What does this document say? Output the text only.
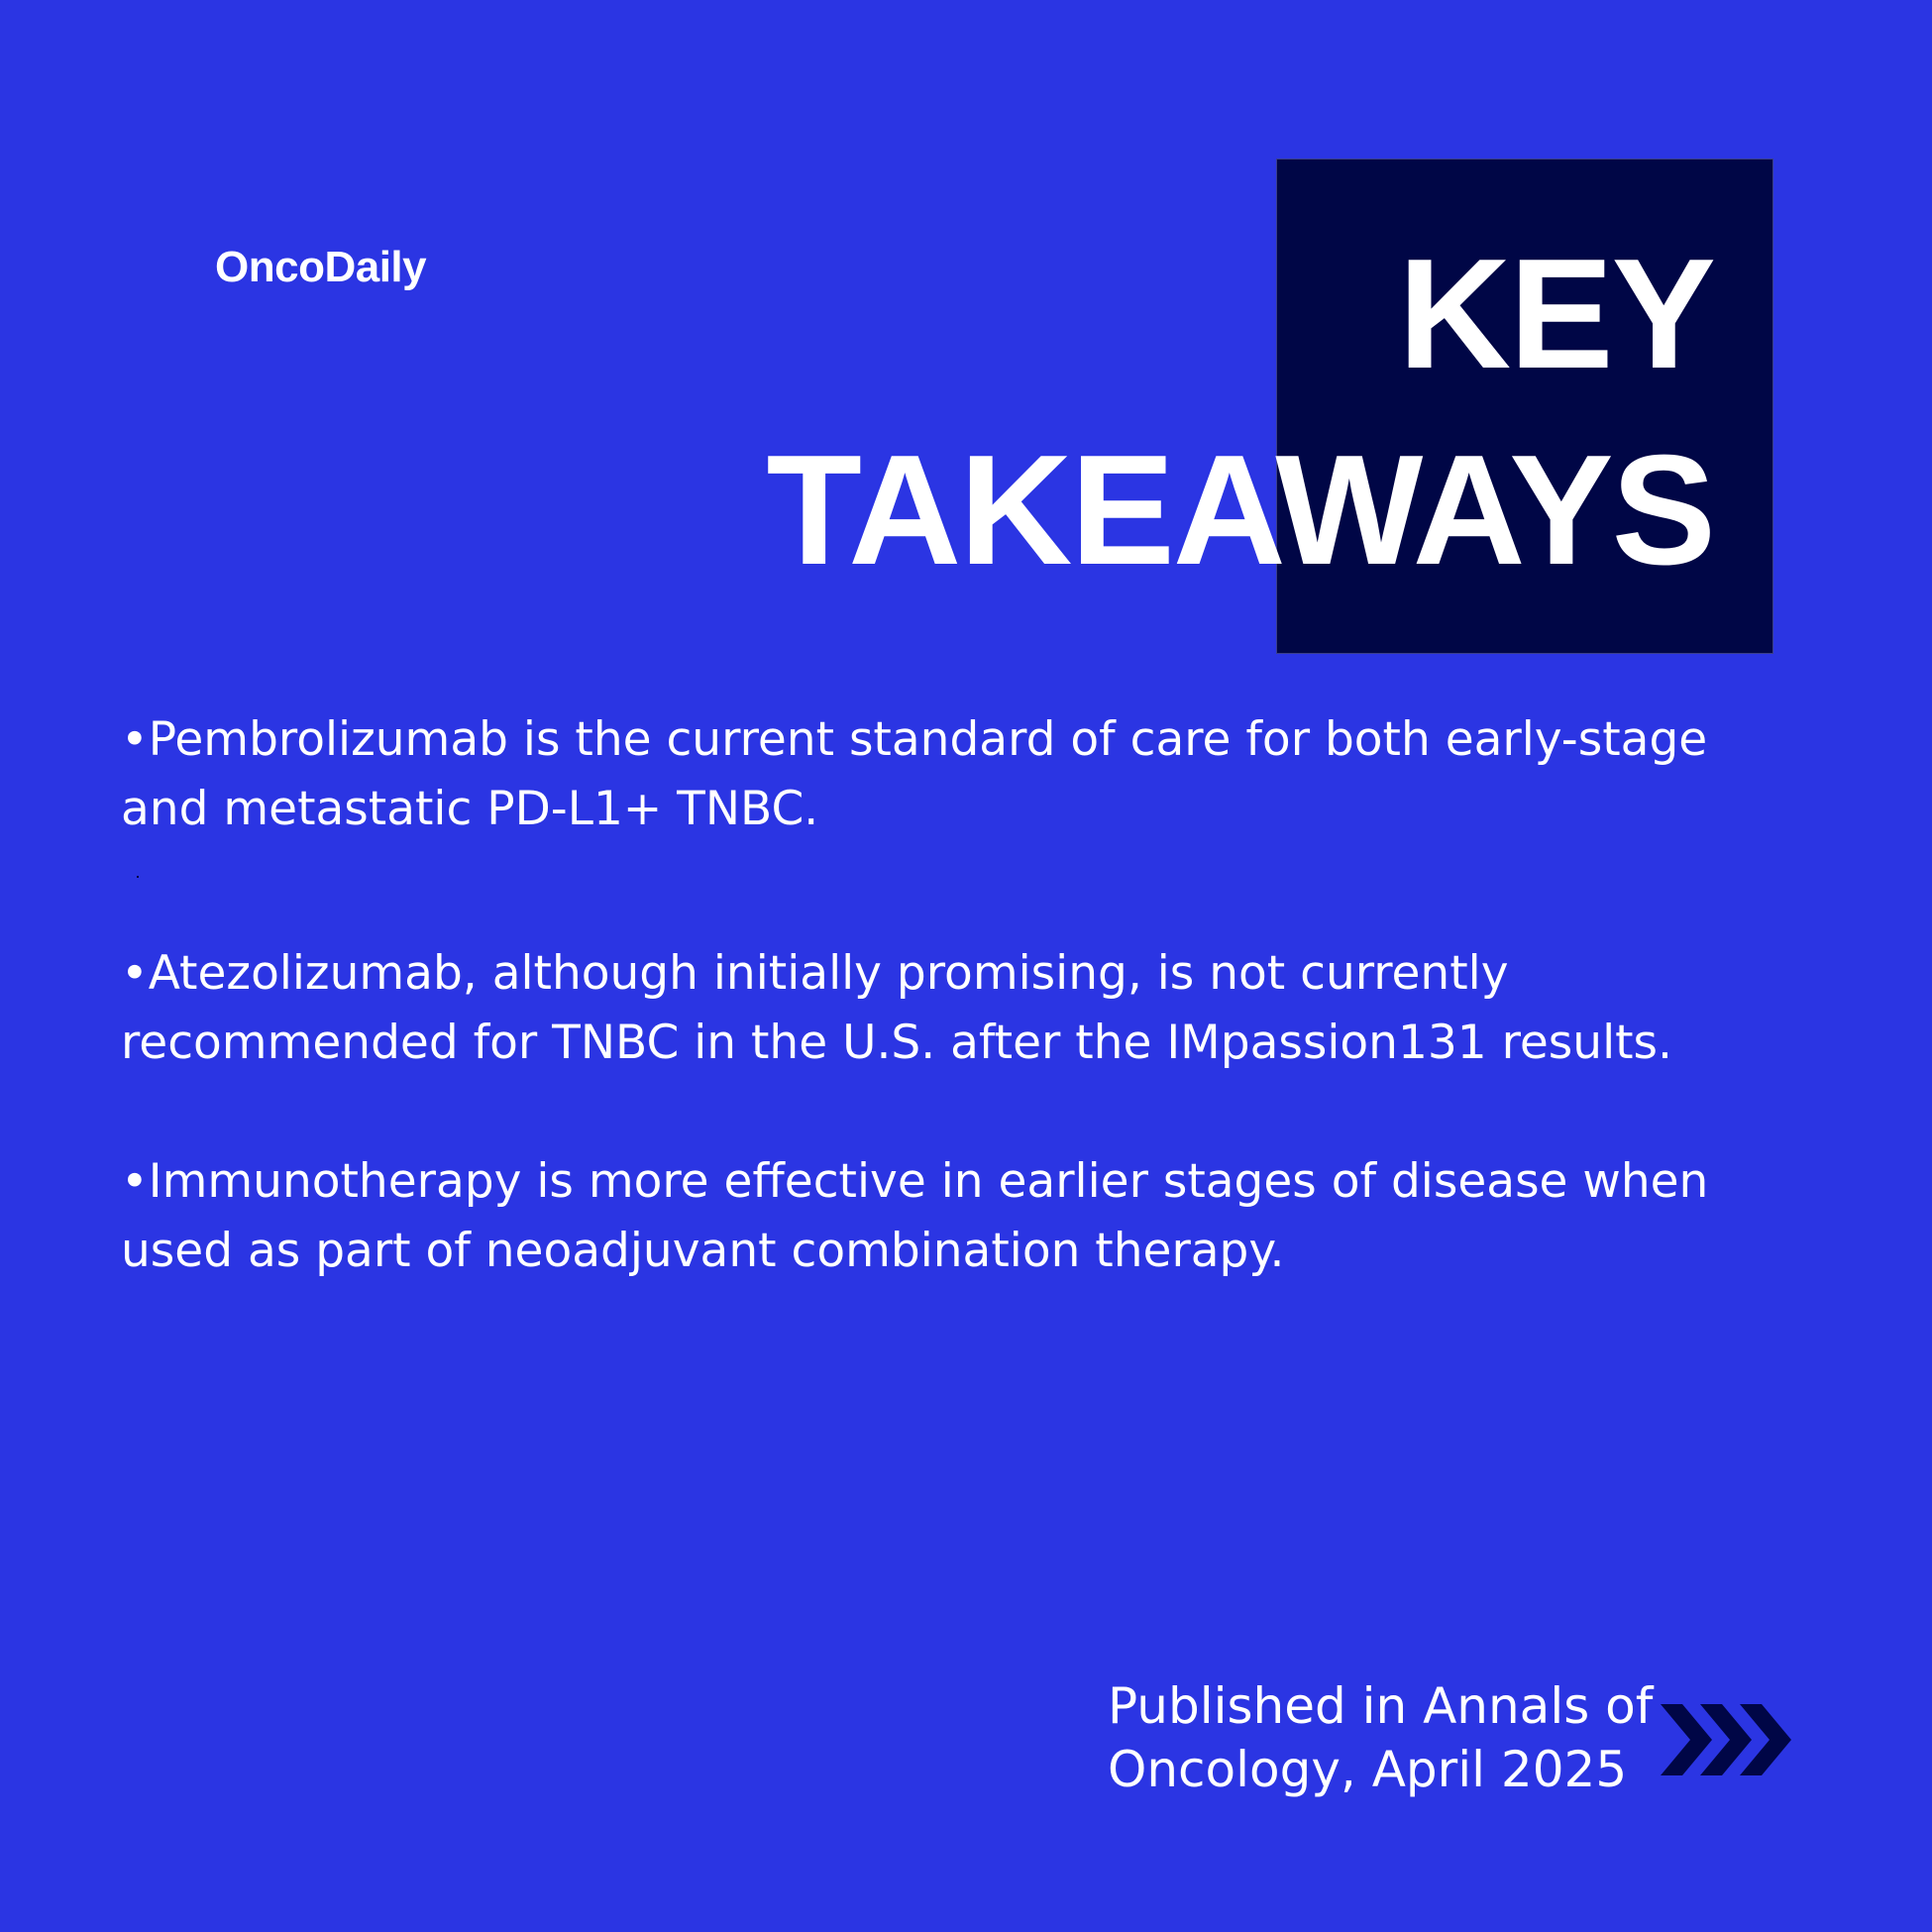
OncoDaily	KEY
TAKEAWAYS
•Pembrolizumab is the current standard of care for both early-stage
and metastatic PD-L1+ TNBC.
•Atezolizumab, although initially promising, is not currently
recommended for TNBC in the U.S. after the IMpassion131 results.
•Immunotherapy is more effective in earlier stages of disease when
used as part of neoadjuvant combination therapy.
Published in Annals of
Oncology, April 2025
